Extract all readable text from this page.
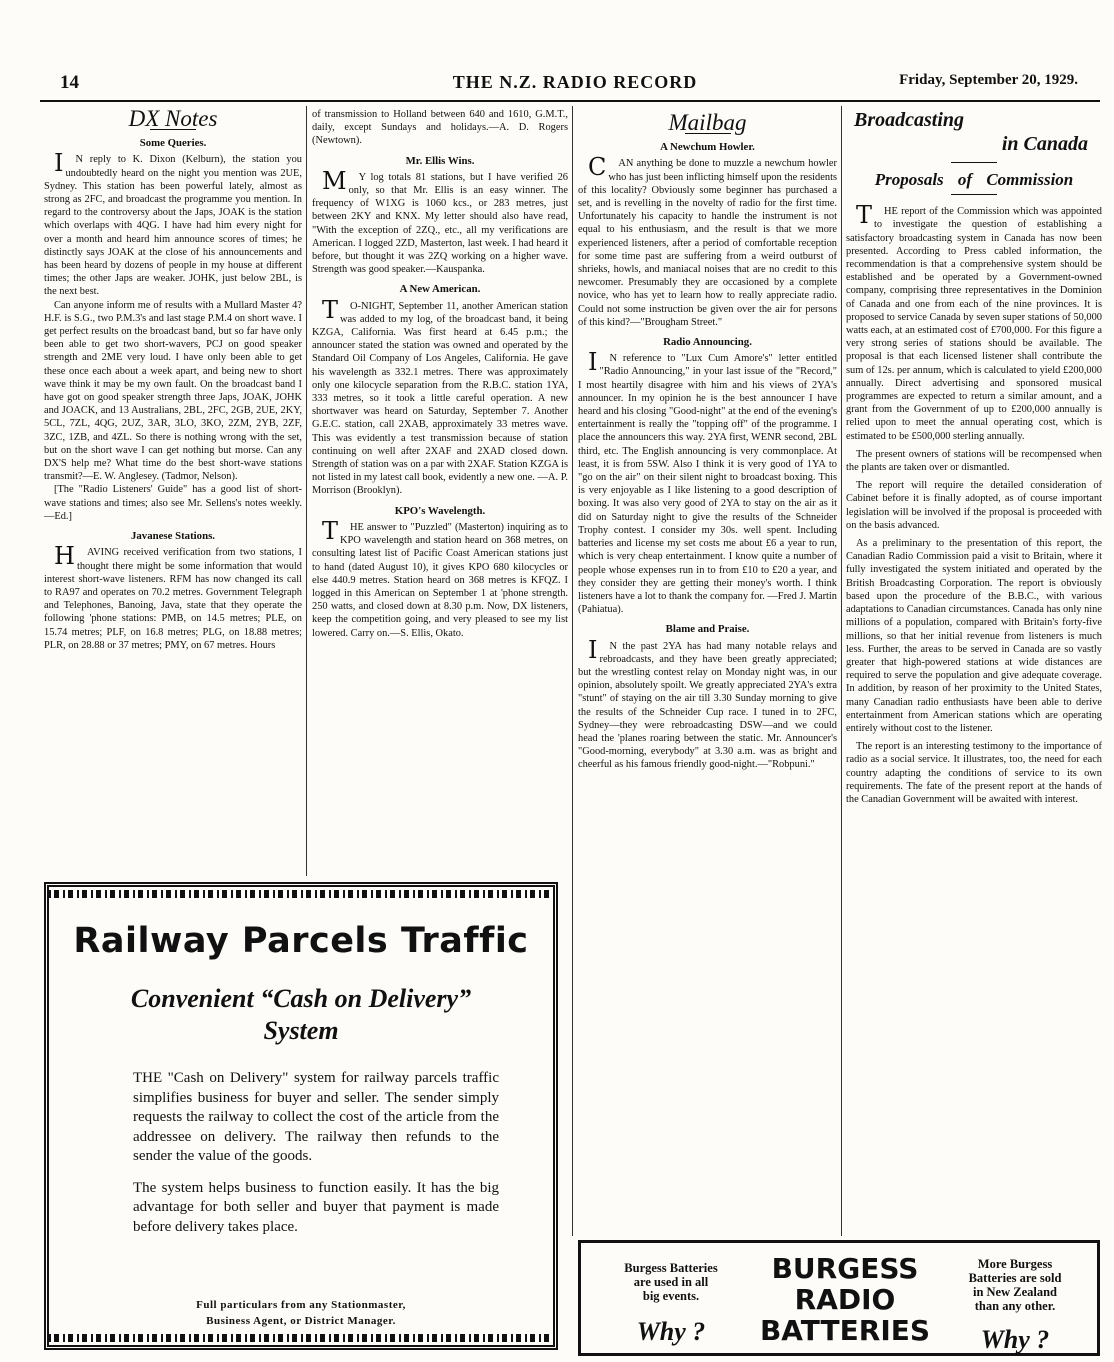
14	THE N.Z. RADIO RECORD	Friday, September 20, 1929.
DX Notes

Some Queries.

IN reply to K. Dixon (Kelburn), the station you undoubtedly heard on the night you mention was 2UE, Sydney. This station has been powerful lately, almost as strong as 2FC, and broadcast the programme you mention. In regard to the controversy about the Japs, JOAK is the station which overlaps with 4QG. I have had him every night for over a month and heard him announce scores of times; he distinctly says JOAK at the close of his announcements and has been heard by dozens of people in my house at different times; the other Japs are weaker. JOHK, just below 2BL, is the next best.

Can anyone inform me of results with a Mullard Master 4? H.F. is S.G., two P.M.3's and last stage P.M.4 on short wave. I get perfect results on the broadcast band, but so far have only been able to get two short-wavers, PCJ on good speaker strength and 2ME very loud. I have only been able to get these once each about a week apart, and being new to short wave think it may be my own fault. On the broadcast band I have got on good speaker strength three Japs, JOAK, JOHK and JOACK, and 13 Australians, 2BL, 2FC, 2GB, 2UE, 2KY, 5CL, 7ZL, 4QG, 2UZ, 3AR, 3LO, 3KO, 2ZM, 2YB, 2ZF, 3ZC, 1ZB, and 4ZL. So there is nothing wrong with the set, but on the short wave I can get nothing but morse. Can any DX'S help me? What time do the best short-wave stations transmit?—E. W. Anglesey. (Tadmor, Nelson).

[The "Radio Listeners' Guide" has a good list of short-wave stations and times; also see Mr. Sellens's notes weekly.—Ed.]

Javanese Stations.

HAVING received verification from two stations, I thought there might be some information that would interest short-wave listeners. RFM has now changed its call to RA97 and operates on 70.2 metres. Government Telegraph and Telephones, Banoing, Java, state that they operate the following 'phone stations: PMB, on 14.5 metres; PLE, on 15.74 metres; PLF, on 16.8 metres; PLG, on 18.88 metres; PLR, on 28.88 or 37 metres; PMY, on 67 metres. Hours

of transmission to Holland between 640 and 1610, G.M.T., daily, except Sundays and holidays.—A. D. Rogers (Newtown).

Mr. Ellis Wins.

MY log totals 81 stations, but I have verified 26 only, so that Mr. Ellis is an easy winner. The frequency of W1XG is 1060 kcs., or 283 metres, just between 2KY and KNX. My letter should also have read, "With the exception of 2ZQ., etc., all my verifications are American. I logged 2ZD, Masterton, last week. I had heard it before, but thought it was 2ZQ working on a higher wave. Strength was good speaker.—Kauspanka.

A New American.

TO-NIGHT, September 11, another American station was added to my log, of the broadcast band, it being KZGA, California. Was first heard at 6.45 p.m.; the announcer stated the station was owned and operated by the Standard Oil Company of Los Angeles, California. He gave his wavelength as 332.1 metres. There was approximately only one kilocycle separation from the R.B.C. station 1YA, 333 metres, so it took a little careful operation. A new shortwaver was heard on Saturday, September 7. Another G.E.C. station, call 2XAB, approximately 33 metres wave. This was evidently a test transmission because of station continuing on well after 2XAF and 2XAD closed down. Strength of station was on a par with 2XAF. Station KZGA is not listed in my latest call book, evidently a new one. —A. P. Morrison (Brooklyn).

KPO's Wavelength.

THE answer to "Puzzled" (Masterton) inquiring as to KPO wavelength and station heard on 368 metres, on consulting latest list of Pacific Coast American stations just to hand (dated August 10), it gives KPO 680 kilocycles or else 440.9 metres. Station heard on 368 metres is KFQZ. I logged in this American on September 1 at 'phone strength. 250 watts, and closed down at 8.30 p.m. Now, DX listeners, keep the competition going, and very pleased to see my list lowered. Carry on.—S. Ellis, Okato.

Mailbag

A Newchum Howler.

CAN anything be done to muzzle a newchum howler who has just been inflicting himself upon the residents of this locality? Obviously some beginner has purchased a set, and is revelling in the novelty of radio for the first time. Unfortunately his capacity to handle the instrument is not equal to his enthusiasm, and the result is that we more experienced listeners, after a period of comfortable reception for some time past are suffering from a weird outburst of shrieks, howls, and maniacal noises that are no credit to this newcomer. Presumably they are occasioned by a complete novice, who has yet to learn how to really appreciate radio. Could not some instruction be given over the air for persons of this kind?—"Brougham Street."

Radio Announcing.

IN reference to "Lux Cum Amore's" letter entitled "Radio Announcing," in your last issue of the "Record," I most heartily disagree with him and his views of 2YA's announcer. In my opinion he is the best announcer I have heard and his closing "Good-night" at the end of the evening's entertainment is really the "topping off" of the programme. I place the announcers this way. 2YA first, WENR second, 2BL third, etc. The English announcing is very commonplace. At least, it is from 5SW. Also I think it is very good of 1YA to "go on the air" on their silent night to broadcast boxing. This is very enjoyable as I like listening to a good description of boxing. It was also very good of 2YA to stay on the air as it did on Saturday night to give the results of the Schneider Trophy contest. I consider my 30s. well spent. Including batteries and license my set costs me about £6 a year to run, which is very cheap entertainment. I know quite a number of people whose expenses run in to from £10 to £20 a year, and they consider they are getting their money's worth. I think listeners have a lot to thank the company for. —Fred J. Martin (Pahiatua).

Blame and Praise.

IN the past 2YA has had many notable relays and rebroadcasts, and they have been greatly appreciated; but the wrestling contest relay on Monday night was, in our opinion, absolutely spoilt. We greatly appreciated 2YA's extra "stunt" of staying on the air till 3.30 Sunday morning to give the results of the Schneider Cup race. I tuned in to 2FC, Sydney—they were rebroadcasting DSW—and we could head the 'planes roaring between the static. Mr. Announcer's "Good-morning, everybody" at 3.30 a.m. was as bright and cheerful as his famous friendly good-night.—"Robpuni."

Broadcasting
in Canada
Proposals of Commission

THE report of the Commission which was appointed to investigate the question of establishing a satisfactory broadcasting system in Canada has now been presented. According to Press cabled information, the recommendation is that a comprehensive system should be established and be operated by a Government-owned company, comprising three representatives in the Dominion of Canada and one from each of the nine provinces. It is proposed to service Canada by seven super stations of 50,000 watts each, at an estimated cost of £700,000. For this figure a very strong series of stations should be available. The proposal is that each licensed listener shall contribute the sum of 12s. per annum, which is calculated to yield £200,000 annually. Direct advertising and sponsored musical programmes are expected to return a similar amount, and a grant from the Government of up to £200,000 annually is relied upon to meet the annual operating cost, which is estimated to be £500,000 sterling annually.

The present owners of stations will be recompensed when the plants are taken over or dismantled.

The report will require the detailed consideration of Cabinet before it is finally adopted, as of course important legislation will be involved if the proposal is proceeded with on the basis advanced.

As a preliminary to the presentation of this report, the Canadian Radio Commission paid a visit to Britain, where it fully investigated the system initiated and operated by the British Broadcasting Corporation. The report is obviously based upon the procedure of the B.B.C., with various adaptations to Canadian circumstances. Canada has only nine millions of a population, compared with Britain's forty-five millions, so that her initial revenue from listeners is much less. Further, the areas to be served in Canada are so vastly greater that high-powered stations at wide distances are required to serve the population and give adequate coverage. In addition, by reason of her proximity to the United States, many Canadian radio enthusiasts have been able to derive entertainment from American stations which are operating entirely without cost to the listener.

The report is an interesting testimony to the importance of radio as a social service. It illustrates, too, the need for each country adapting the conditions of service to its own requirements. The fate of the present report at the hands of the Canadian Government will be awaited with interest.

Railway Parcels Traffic
Convenient “Cash on Delivery”
System

THE "Cash on Delivery" system for railway parcels traffic simplifies business for buyer and seller. The sender simply requests the railway to collect the cost of the article from the addressee on delivery. The railway then refunds to the sender the value of the goods.

The system helps business to function easily. It has the big advantage for both seller and buyer that payment is made before delivery takes place.

Full particulars from any Stationmaster,
Business Agent, or District Manager.
Burgess Batteries
are used in all
big events.
Why ?
BURGESS
RADIO
BATTERIES
More Burgess
Batteries are sold
in New Zealand
than any other.
Why ?
